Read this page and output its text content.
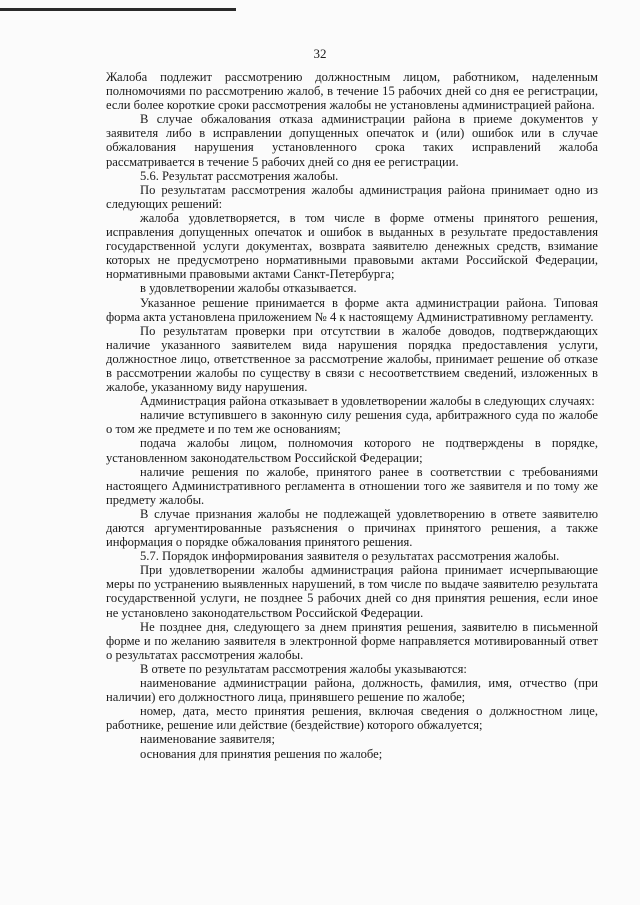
32

Жалоба подлежит рассмотрению должностным лицом, работником, наделенным полномочиями по рассмотрению жалоб, в течение 15 рабочих дней со дня ее регистрации, если более короткие сроки рассмотрения жалобы не установлены администрацией района.

В случае обжалования отказа администрации района в приеме документов у заявителя либо в исправлении допущенных опечаток и (или) ошибок или в случае обжалования нарушения установленного срока таких исправлений жалоба рассматривается в течение 5 рабочих дней со дня ее регистрации.

5.6. Результат рассмотрения жалобы.

По результатам рассмотрения жалобы администрация района принимает одно из следующих решений:

жалоба удовлетворяется, в том числе в форме отмены принятого решения, исправления допущенных опечаток и ошибок в выданных в результате предоставления государственной услуги документах, возврата заявителю денежных средств, взимание которых не предусмотрено нормативными правовыми актами Российской Федерации, нормативными правовыми актами Санкт-Петербурга;

в удовлетворении жалобы отказывается.

Указанное решение принимается в форме акта администрации района. Типовая форма акта установлена приложением № 4 к настоящему Административному регламенту.

По результатам проверки при отсутствии в жалобе доводов, подтверждающих наличие указанного заявителем вида нарушения порядка предоставления услуги, должностное лицо, ответственное за рассмотрение жалобы, принимает решение об отказе в рассмотрении жалобы по существу в связи с несоответствием сведений, изложенных в жалобе, указанному виду нарушения.

Администрация района отказывает в удовлетворении жалобы в следующих случаях:

наличие вступившего в законную силу решения суда, арбитражного суда по жалобе о том же предмете и по тем же основаниям;

подача жалобы лицом, полномочия которого не подтверждены в порядке, установленном законодательством Российской Федерации;

наличие решения по жалобе, принятого ранее в соответствии с требованиями настоящего Административного регламента в отношении того же заявителя и по тому же предмету жалобы.

В случае признания жалобы не подлежащей удовлетворению в ответе заявителю даются аргументированные разъяснения о причинах принятого решения, а также информация о порядке обжалования принятого решения.

5.7. Порядок информирования заявителя о результатах рассмотрения жалобы.

При удовлетворении жалобы администрация района принимает исчерпывающие меры по устранению выявленных нарушений, в том числе по выдаче заявителю результата государственной услуги, не позднее 5 рабочих дней со дня принятия решения, если иное не установлено законодательством Российской Федерации.

Не позднее дня, следующего за днем принятия решения, заявителю в письменной форме и по желанию заявителя в электронной форме направляется мотивированный ответ о результатах рассмотрения жалобы.

В ответе по результатам рассмотрения жалобы указываются:

наименование администрации района, должность, фамилия, имя, отчество (при наличии) его должностного лица, принявшего решение по жалобе;

номер, дата, место принятия решения, включая сведения о должностном лице, работнике, решение или действие (бездействие) которого обжалуется;

наименование заявителя;

основания для принятия решения по жалобе;
